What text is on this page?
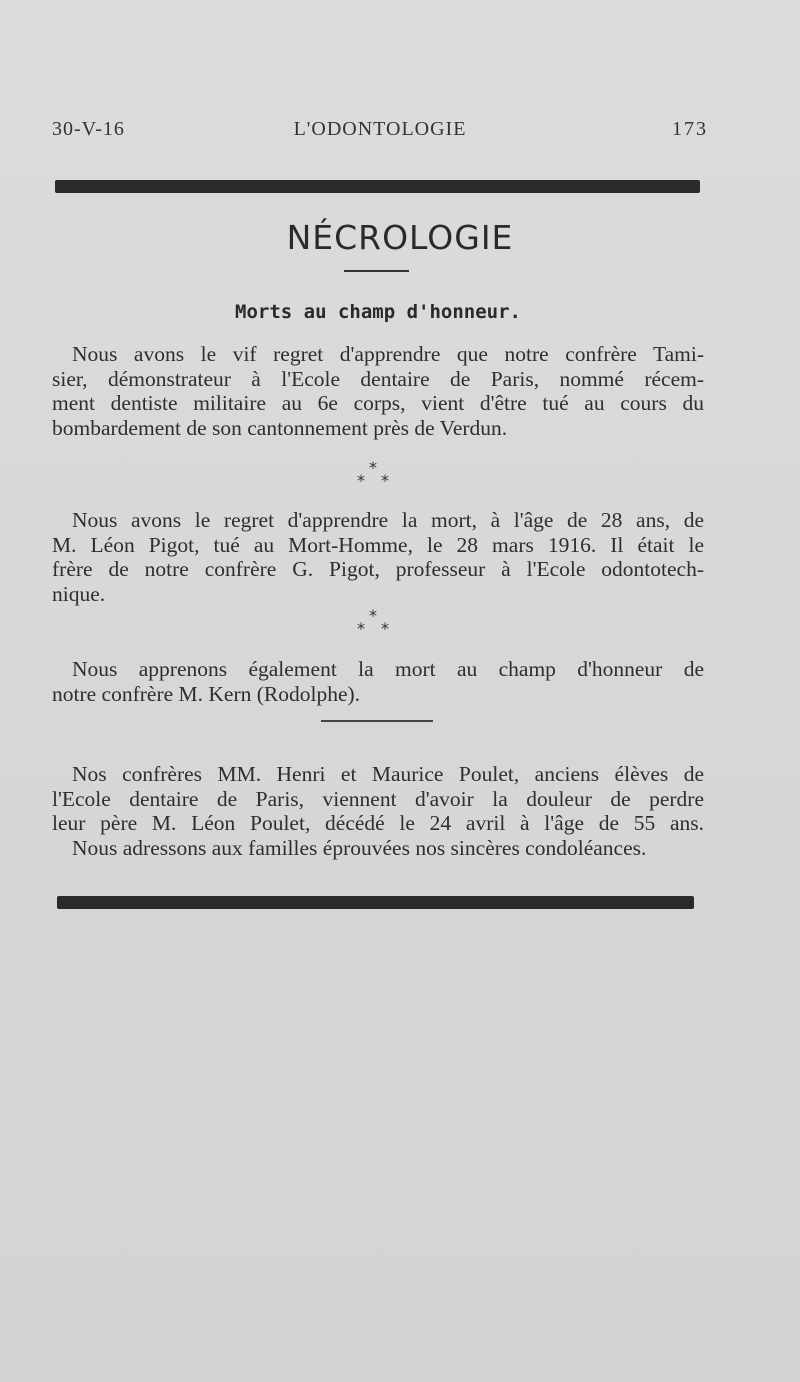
30-V-16	L'ODONTOLOGIE	173
NÉCROLOGIE
Morts au champ d'honneur.
Nous avons le vif regret d'apprendre que notre confrère Tami-
sier, démonstrateur à l'Ecole dentaire de Paris, nommé récem-
ment dentiste militaire au 6e corps, vient d'être tué au cours du
bombardement de son cantonnement près de Verdun.
*
* *
Nous avons le regret d'apprendre la mort, à l'âge de 28 ans, de
M. Léon Pigot, tué au Mort-Homme, le 28 mars 1916. Il était le
frère de notre confrère G. Pigot, professeur à l'Ecole odontotech-
nique.
*
* *
Nous apprenons également la mort au champ d'honneur de
notre confrère M. Kern (Rodolphe).
Nos confrères MM. Henri et Maurice Poulet, anciens élèves de
l'Ecole dentaire de Paris, viennent d'avoir la douleur de perdre
leur père M. Léon Poulet, décédé le 24 avril à l'âge de 55 ans.
Nous adressons aux familles éprouvées nos sincères condoléances.
